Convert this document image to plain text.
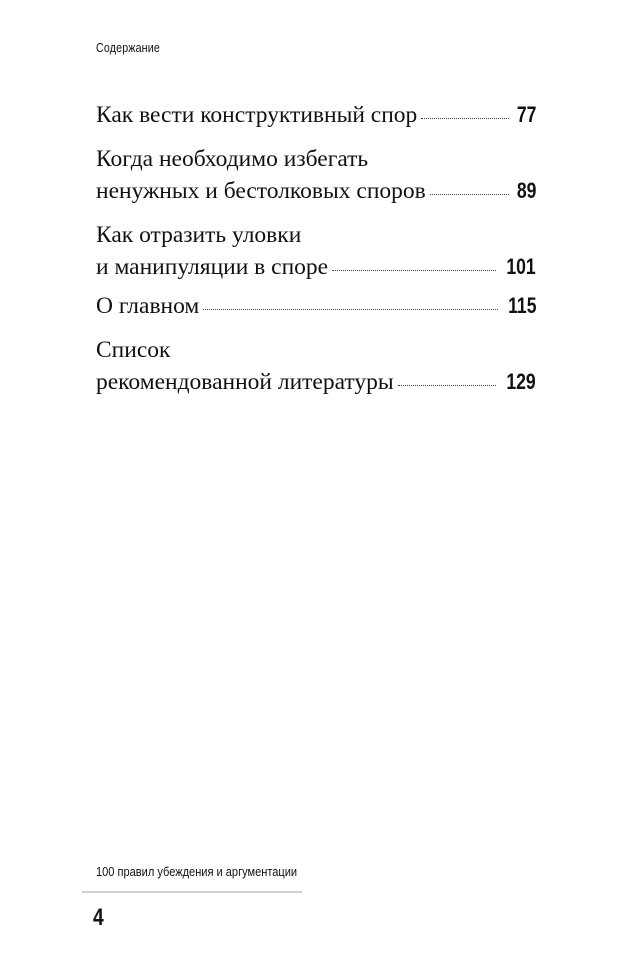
Содержание
Как вести конструктивный спор	77
Когда необходимо избегать
ненужных и бестолковых споров	89
Как отразить уловки
и манипуляции в споре	101
О главном	115
Список
рекомендованной литературы	129
100 правил убеждения и аргументации
4
